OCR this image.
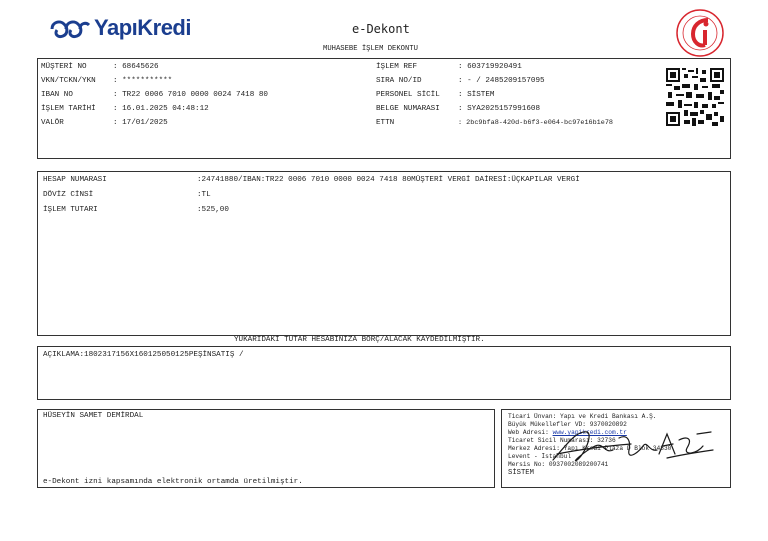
YapıKredi	e-Dekont
MUHASEBE İŞLEM DEKONTU
MÜŞTERİ NO	: 68645626
VKN/TCKN/YKN : ***********
IBAN NO	: TR22 0006 7010 0000 0024 7418 80
İŞLEM TARİHİ : 16.01.2025 04:48:12
VALÖR	: 17/01/2025
İŞLEM REF	: 603719920491
SIRA NO/ID	: - / 2485209157095
PERSONEL SİCİL : SİSTEM
BELGE NUMARASI : SYA2025157991608
ETTN	: 2bc9bfa8-420d-b6f3-e064-bc97e16b1e78
HESAP NUMARASI	:24741880/IBAN:TR22 0006 7010 0000 0024 7418 80MÜŞTERİ VERGİ DAİRESİ:ÜÇKAPILAR VERGİ
DÖVİZ CİNSİ	:TL
İŞLEM TUTARI	:525,00
YUKARIDAKİ TUTAR HESABINIZA BORÇ/ALACAK KAYDEDİLMİŞTİR.
AÇIKLAMA:1802317156X160125050125PEŞİNSATIŞ /
HÜSEYİN SAMET DEMİRDAL
e-Dekont izni kapsamında elektronik ortamda üretilmiştir.
Ticari Ünvan: Yapı ve Kredi Bankası A.Ş.
Büyük Mükellefler VD: 9370020892
Web Adresi: www.yapikredi.com.tr
Ticaret Sicil Numarası: 32736
Merkez Adresi: Yapı Kredi Plaza D Blok 34330
Levent - İstanbul
Mersis No: 0937002089200741
SİSTEM
